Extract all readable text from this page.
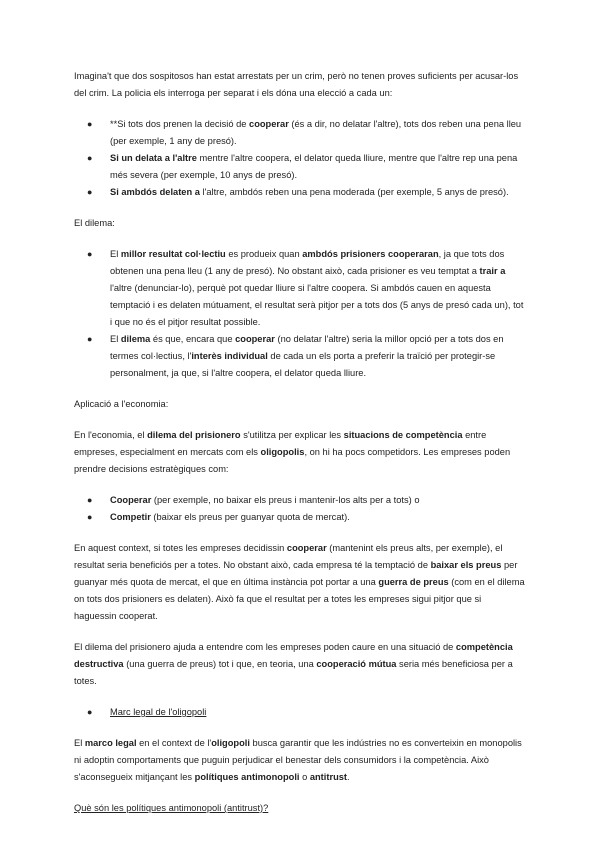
Imagina't que dos sospitosos han estat arrestats per un crim, però no tenen proves suficients per acusar-los del crim. La policia els interroga per separat i els dóna una elecció a cada un:

● **Si tots dos prenen la decisió de cooperar (és a dir, no delatar l'altre), tots dos reben una pena lleu (per exemple, 1 any de presó).
● Si un delata a l'altre mentre l'altre coopera, el delator queda lliure, mentre que l'altre rep una pena més severa (per exemple, 10 anys de presó).
● Si ambdós delaten a l'altre, ambdós reben una pena moderada (per exemple, 5 anys de presó).

El dilema:

● El millor resultat col·lectiu es produeix quan ambdós prisioners cooperaran, ja que tots dos obtenen una pena lleu (1 any de presó). No obstant això, cada prisioner es veu temptat a trair a l'altre (denunciar-lo), perquè pot quedar lliure si l'altre coopera. Si ambdós cauen en aquesta temptació i es delaten mútuament, el resultat serà pitjor per a tots dos (5 anys de presó cada un), tot i que no és el pitjor resultat possible.
● El dilema és que, encara que cooperar (no delatar l'altre) seria la millor opció per a tots dos en termes col·lectius, l'interès individual de cada un els porta a preferir la traïció per protegir-se personalment, ja que, si l'altre coopera, el delator queda lliure.

Aplicació a l'economia:

En l'economia, el dilema del prisionero s'utilitza per explicar les situacions de competència entre empreses, especialment en mercats com els oligopolis, on hi ha pocs competidors. Les empreses poden prendre decisions estratègiques com:

● Cooperar (per exemple, no baixar els preus i mantenir-los alts per a tots) o
● Competir (baixar els preus per guanyar quota de mercat).

En aquest context, si totes les empreses decidissin cooperar (mantenint els preus alts, per exemple), el resultat seria beneficiós per a totes. No obstant això, cada empresa té la temptació de baixar els preus per guanyar més quota de mercat, el que en última instància pot portar a una guerra de preus (com en el dilema on tots dos prisioners es delaten). Això fa que el resultat per a totes les empreses sigui pitjor que si haguessin cooperat.

El dilema del prisionero ajuda a entendre com les empreses poden caure en una situació de competència destructiva (una guerra de preus) tot i que, en teoria, una cooperació mútua seria més beneficiosa per a totes.

● Marc legal de l'oligopoli

El marco legal en el context de l'oligopoli busca garantir que les indústries no es converteixin en monopolis ni adoptin comportaments que puguin perjudicar el benestar dels consumidors i la competència. Això s'aconsegueix mitjançant les polítiques antimonopoli o antitrust.

Què són les polítiques antimonopoli (antitrust)?
